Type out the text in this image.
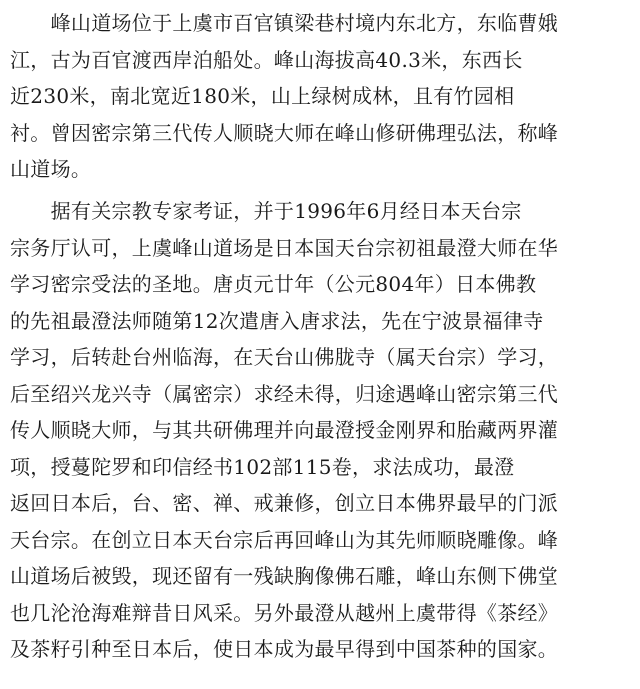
　　峰山道场位于上虞市百官镇梁巷村境内东北方，东临曹娥
江，古为百官渡西岸泊船处。峰山海拔高40.3米，东西长
近230米，南北宽近180米，山上绿树成林，且有竹园相
衬。曾因密宗第三代传人顺晓大师在峰山修研佛理弘法，称峰
山道场。
　　据有关宗教专家考证，并于1996年6月经日本天台宗
宗务厅认可，上虞峰山道场是日本国天台宗初祖最澄大师在华
学习密宗受法的圣地。唐贞元廿年（公元804年）日本佛教
的先祖最澄法师随第12次遣唐入唐求法，先在宁波景福律寺
学习，后转赴台州临海，在天台山佛胧寺（属天台宗）学习，
后至绍兴龙兴寺（属密宗）求经未得，归途遇峰山密宗第三代
传人顺晓大师，与其共研佛理并向最澄授金刚界和胎藏两界灌
项，授蔓陀罗和印信经书102部115卷，求法成功，最澄
返回日本后，台、密、禅、戒兼修，创立日本佛界最早的门派
天台宗。在创立日本天台宗后再回峰山为其先师顺晓雕像。峰
山道场后被毁，现还留有一残缺胸像佛石雕，峰山东侧下佛堂
也几沦沧海难辩昔日风采。另外最澄从越州上虞带得《茶经》
及茶籽引种至日本后，使日本成为最早得到中国茶种的国家。
